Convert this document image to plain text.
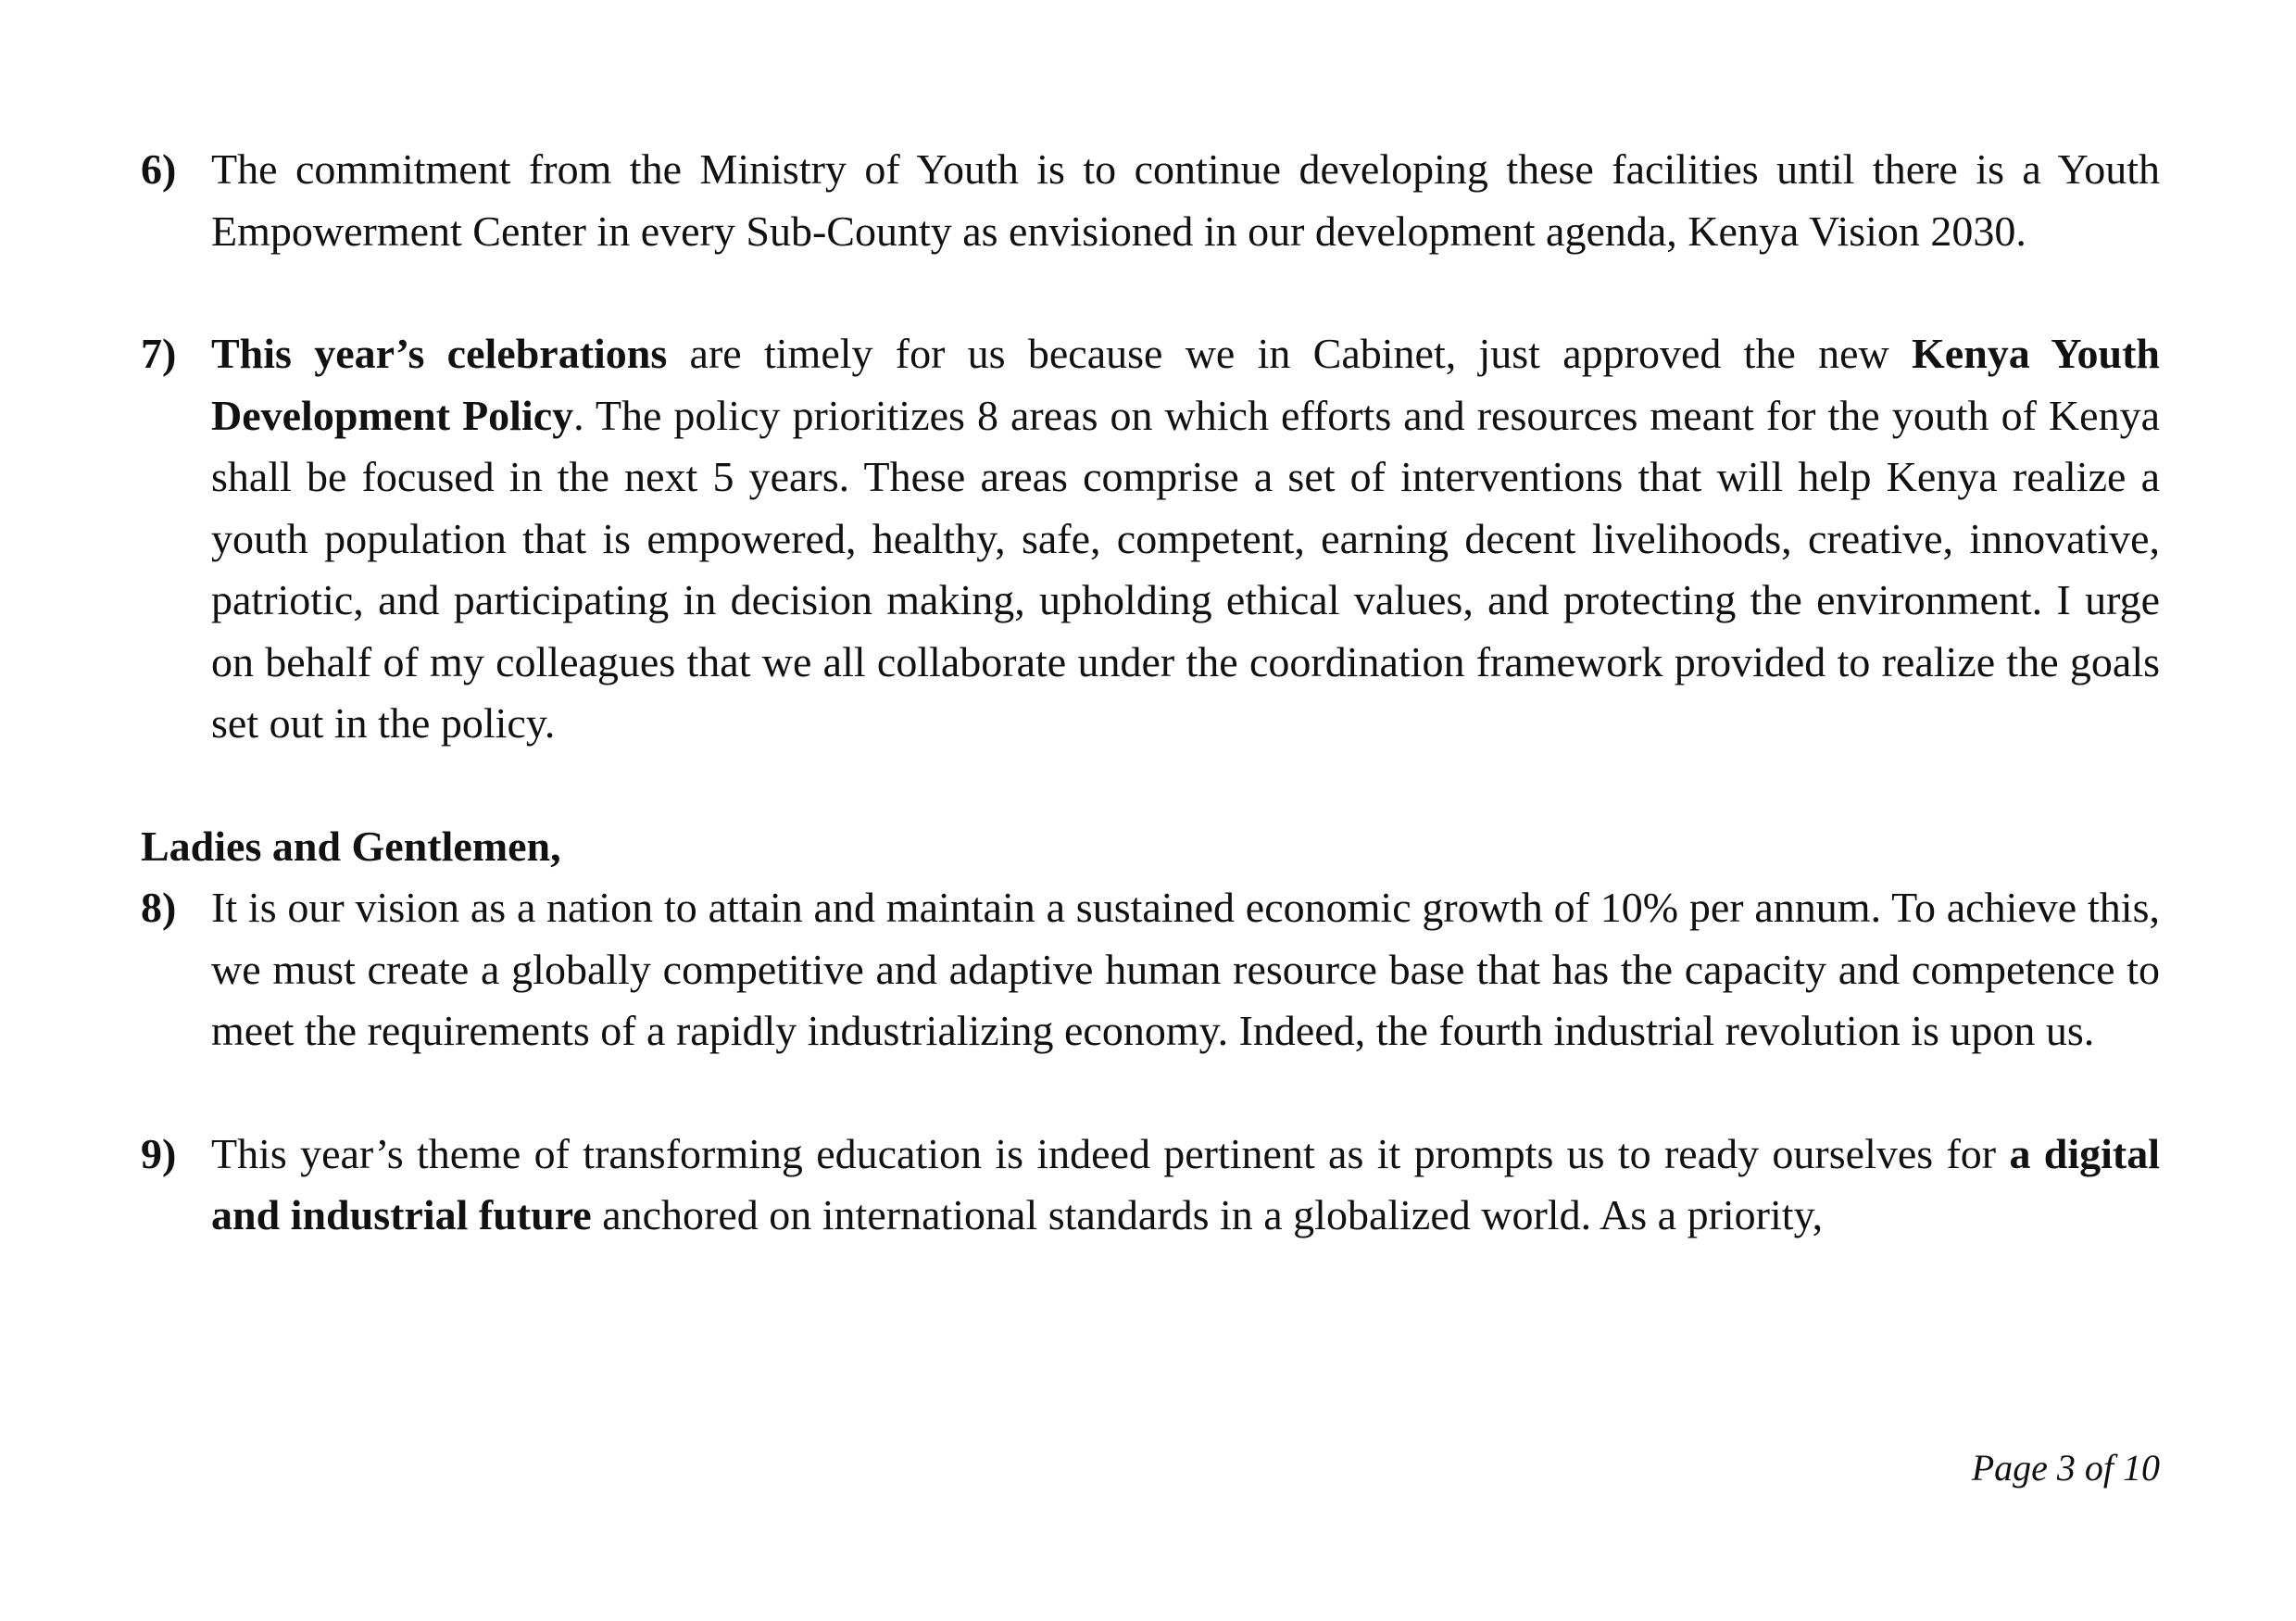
6) The commitment from the Ministry of Youth is to continue developing these facilities until there is a Youth Empowerment Center in every Sub-County as envisioned in our development agenda, Kenya Vision 2030.
7) This year’s celebrations are timely for us because we in Cabinet, just approved the new Kenya Youth Development Policy. The policy prioritizes 8 areas on which efforts and resources meant for the youth of Kenya shall be focused in the next 5 years. These areas comprise a set of interventions that will help Kenya realize a youth population that is empowered, healthy, safe, competent, earning decent livelihoods, creative, innovative, patriotic, and participating in decision making, upholding ethical values, and protecting the environment. I urge on behalf of my colleagues that we all collaborate under the coordination framework provided to realize the goals set out in the policy.
Ladies and Gentlemen,
8) It is our vision as a nation to attain and maintain a sustained economic growth of 10% per annum. To achieve this, we must create a globally competitive and adaptive human resource base that has the capacity and competence to meet the requirements of a rapidly industrializing economy. Indeed, the fourth industrial revolution is upon us.
9) This year’s theme of transforming education is indeed pertinent as it prompts us to ready ourselves for a digital and industrial future anchored on international standards in a globalized world. As a priority,
Page 3 of 10
